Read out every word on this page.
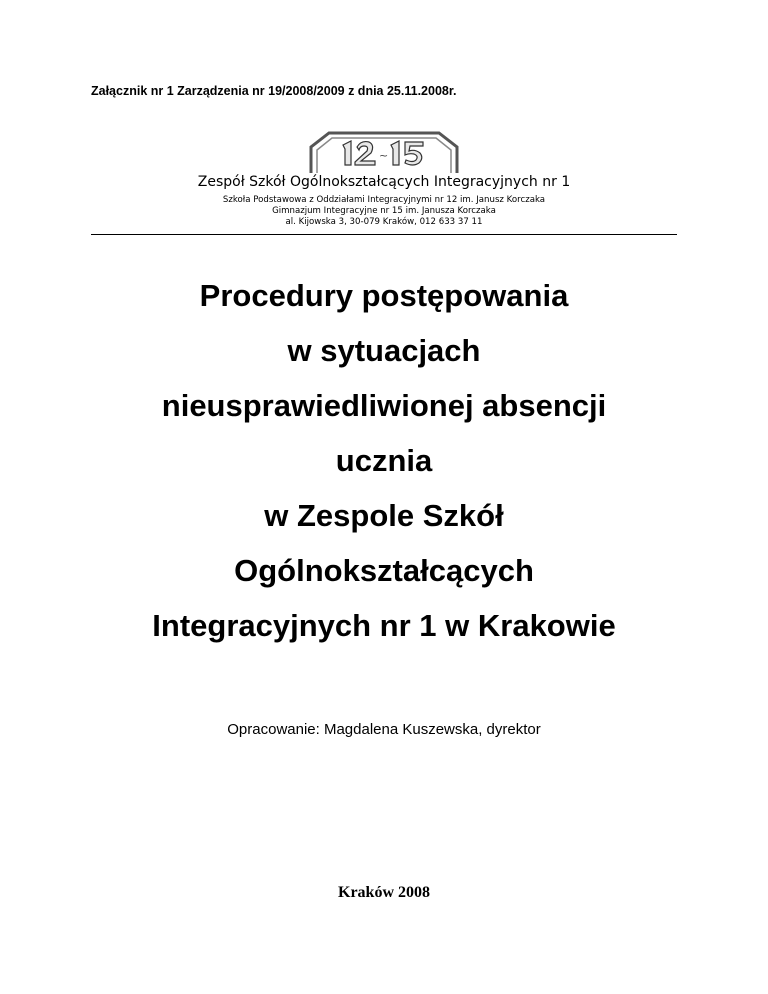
Załącznik nr 1 Zarządzenia nr 19/2008/2009 z dnia 25.11.2008r.
~
Zespół Szkół Ogólnokształcących Integracyjnych nr 1
Szkoła Podstawowa z Oddziałami Integracyjnymi nr 12 im. Janusz Korczaka
Gimnazjum Integracyjne nr 15 im. Janusza Korczaka
al. Kijowska 3, 30-079 Kraków, 012 633 37 11
Procedury postępowania
w sytuacjach
nieusprawiedliwionej absencji
ucznia
w Zespole Szkół
Ogólnokształcących
Integracyjnych nr 1 w Krakowie
Opracowanie: Magdalena Kuszewska, dyrektor
Kraków 2008
